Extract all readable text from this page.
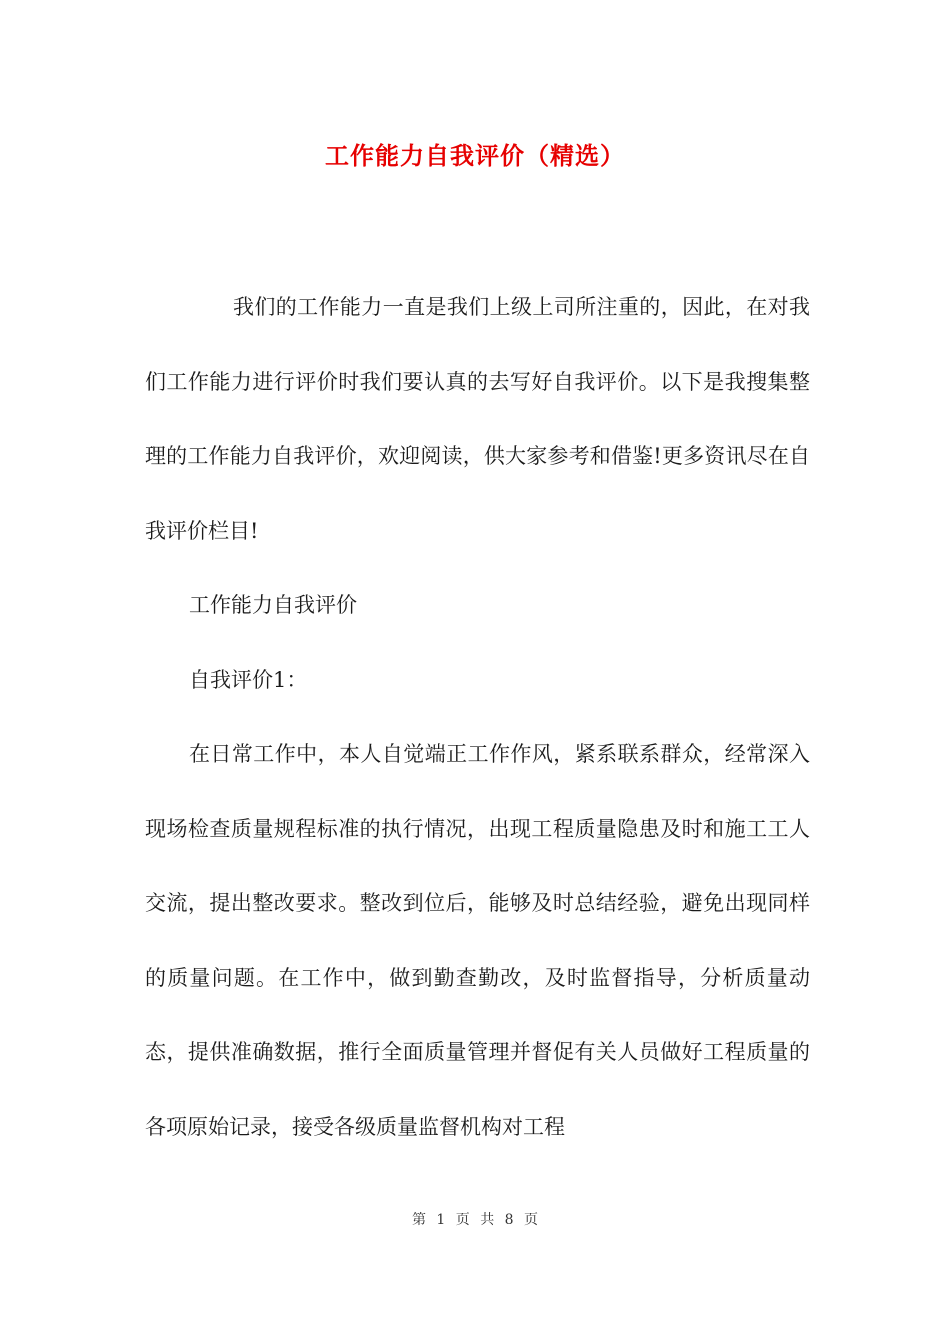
工作能力自我评价（精选）

我们的工作能力一直是我们上级上司所注重的，因此，在对我们工作能力进行评价时我们要认真的去写好自我评价。以下是我搜集整理的工作能力自我评价，欢迎阅读，供大家参考和借鉴!更多资讯尽在自我评价栏目!

工作能力自我评价

自我评价1：

在日常工作中，本人自觉端正工作作风，紧系联系群众，经常深入现场检查质量规程标准的执行情况，出现工程质量隐患及时和施工工人交流，提出整改要求。整改到位后，能够及时总结经验，避免出现同样的质量问题。在工作中，做到勤查勤改，及时监督指导，分析质量动态，提供准确数据，推行全面质量管理并督促有关人员做好工程质量的各项原始记录，接受各级质量监督机构对工程

第 1 页 共 8 页
